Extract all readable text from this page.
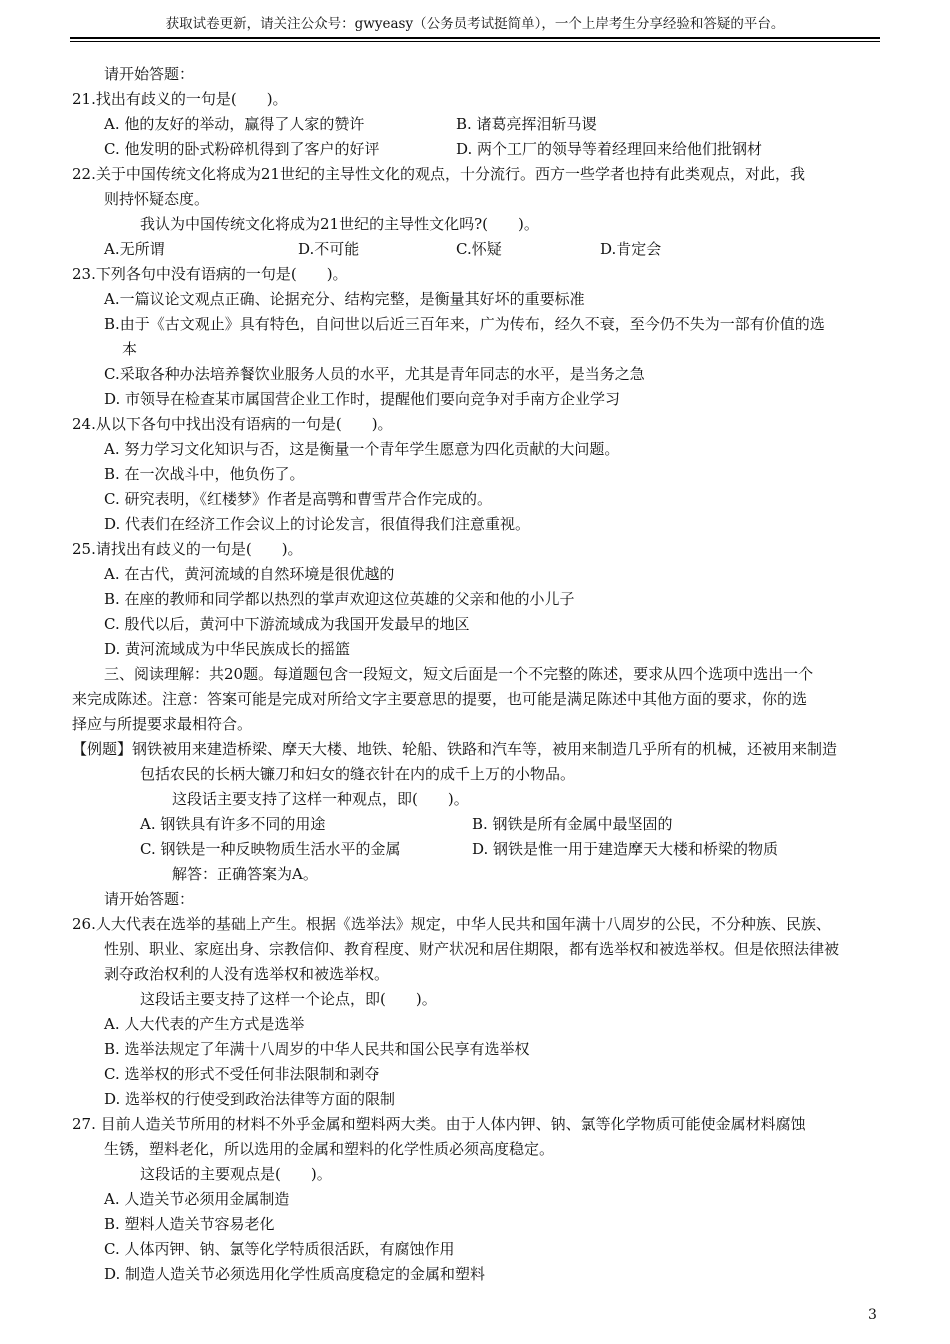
获取试卷更新，请关注公众号：gwyeasy（公务员考试挺简单），一个上岸考生分享经验和答疑的平台。
请开始答题：
21.找出有歧义的一句是(　　)。
A. 他的友好的举动，赢得了人家的赞许	B. 诸葛亮挥泪斩马谡
C. 他发明的卧式粉碎机得到了客户的好评	D. 两个工厂的领导等着经理回来给他们批钢材
22.关于中国传统文化将成为21世纪的主导性文化的观点，十分流行。西方一些学者也持有此类观点，对此，我
则持怀疑态度。
我认为中国传统文化将成为21世纪的主导性文化吗?(　　)。
A.无所谓	D.不可能	C.怀疑	D.肯定会
23.下列各句中没有语病的一句是(　　)。
A.一篇议论文观点正确、论据充分、结构完整，是衡量其好坏的重要标准
B.由于《古文观止》具有特色，自问世以后近三百年来，广为传布，经久不衰，至今仍不失为一部有价值的选
本
C.采取各种办法培养餐饮业服务人员的水平，尤其是青年同志的水平，是当务之急
D. 市领导在检查某市属国营企业工作时，提醒他们要向竞争对手南方企业学习
24.从以下各句中找出没有语病的一句是(　　)。
A. 努力学习文化知识与否，这是衡量一个青年学生愿意为四化贡献的大问题。
B. 在一次战斗中，他负伤了。
C. 研究表明，《红楼梦》作者是高鹗和曹雪芹合作完成的。
D. 代表们在经济工作会议上的讨论发言，很值得我们注意重视。
25.请找出有歧义的一句是(　　)。
A. 在古代，黄河流域的自然环境是很优越的
B. 在座的教师和同学都以热烈的掌声欢迎这位英雄的父亲和他的小儿子
C. 殷代以后，黄河中下游流域成为我国开发最早的地区
D. 黄河流域成为中华民族成长的摇篮
三、阅读理解：共20题。每道题包含一段短文，短文后面是一个不完整的陈述，要求从四个选项中选出一个
来完成陈述。注意：答案可能是完成对所给文字主要意思的提要，也可能是满足陈述中其他方面的要求，你的选
择应与所提要求最相符合。
【例题】钢铁被用来建造桥梁、摩天大楼、地铁、轮船、铁路和汽车等，被用来制造几乎所有的机械，还被用来制造
包括农民的长柄大镰刀和妇女的缝衣针在内的成千上万的小物品。
这段话主要支持了这样一种观点，即(　　)。
A. 钢铁具有许多不同的用途	B. 钢铁是所有金属中最坚固的
C. 钢铁是一种反映物质生活水平的金属	D. 钢铁是惟一用于建造摩天大楼和桥梁的物质
解答：正确答案为A。
请开始答题：
26.人大代表在选举的基础上产生。根据《选举法》规定，中华人民共和国年满十八周岁的公民，不分种族、民族、
性别、职业、家庭出身、宗教信仰、教育程度、财产状况和居住期限，都有选举权和被选举权。但是依照法律被
剥夺政治权利的人没有选举权和被选举权。
这段话主要支持了这样一个论点，即(　　)。
A. 人大代表的产生方式是选举
B. 选举法规定了年满十八周岁的中华人民共和国公民享有选举权
C. 选举权的形式不受任何非法限制和剥夺
D. 选举权的行使受到政治法律等方面的限制
27. 目前人造关节所用的材料不外乎金属和塑料两大类。由于人体内钾、钠、氯等化学物质可能使金属材料腐蚀
生锈，塑料老化，所以选用的金属和塑料的化学性质必须高度稳定。
这段话的主要观点是(　　)。
A. 人造关节必须用金属制造
B. 塑料人造关节容易老化
C. 人体丙钾、钠、氯等化学特质很活跃，有腐蚀作用
D. 制造人造关节必须选用化学性质高度稳定的金属和塑料
3
